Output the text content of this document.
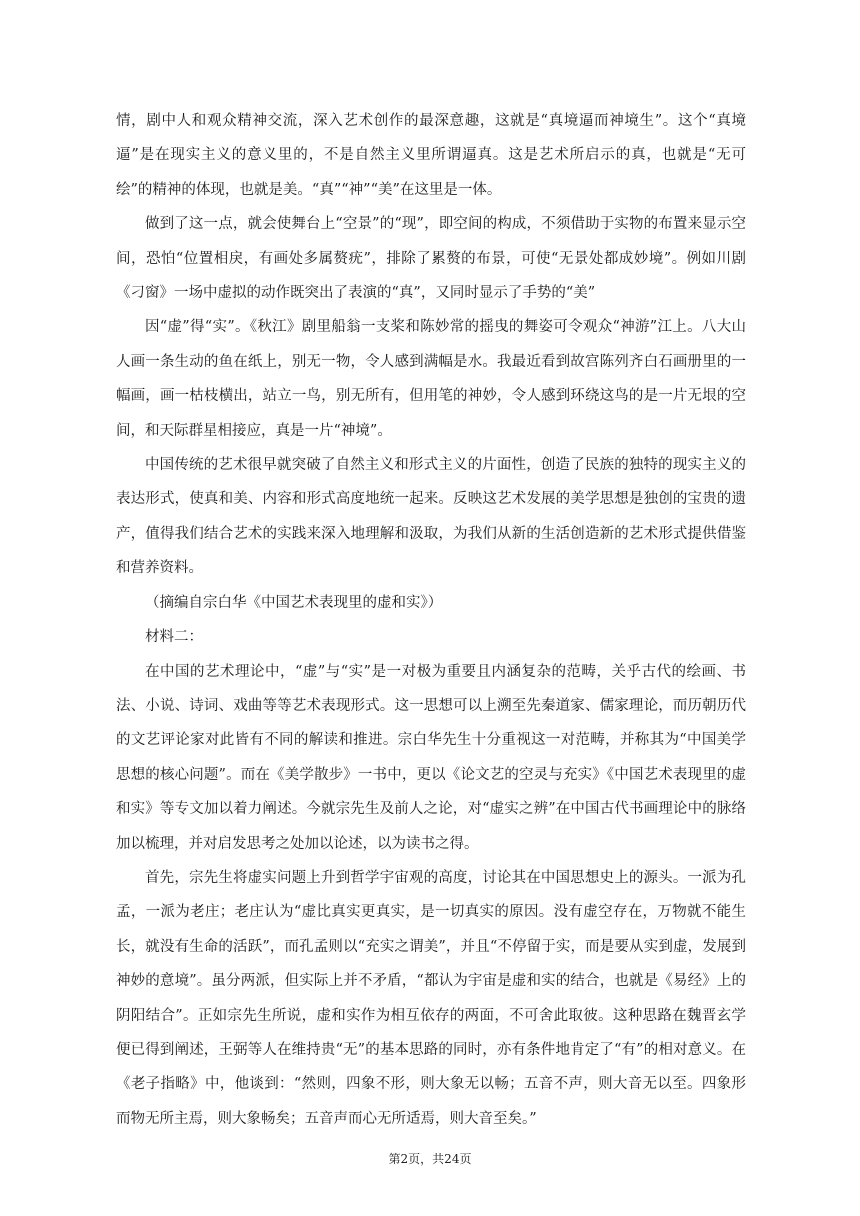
情，剧中人和观众精神交流，深入艺术创作的最深意趣，这就是“真境逼而神境生”。这个“真境逼”是在现实主义的意义里的，不是自然主义里所谓逼真。这是艺术所启示的真，也就是“无可绘”的精神的体现，也就是美。“真”“神”“美”在这里是一体。

做到了这一点，就会使舞台上“空景”的“现”，即空间的构成，不须借助于实物的布置来显示空间，恐怕“位置相戾，有画处多属赘疣”，排除了累赘的布景，可使“无景处都成妙境”。例如川剧《刁窗》一场中虚拟的动作既突出了表演的“真”，又同时显示了手势的“美”

因“虚”得“实”。《秋江》剧里船翁一支桨和陈妙常的摇曳的舞姿可令观众“神游”江上。八大山人画一条生动的鱼在纸上，别无一物，令人感到满幅是水。我最近看到故宫陈列齐白石画册里的一幅画，画一枯枝横出，站立一鸟，别无所有，但用笔的神妙，令人感到环绕这鸟的是一片无垠的空间，和天际群星相接应，真是一片“神境”。

中国传统的艺术很早就突破了自然主义和形式主义的片面性，创造了民族的独特的现实主义的表达形式，使真和美、内容和形式高度地统一起来。反映这艺术发展的美学思想是独创的宝贵的遗产，值得我们结合艺术的实践来深入地理解和汲取，为我们从新的生活创造新的艺术形式提供借鉴和营养资料。

（摘编自宗白华《中国艺术表现里的虚和实》）

材料二：

在中国的艺术理论中，“虚”与“实”是一对极为重要且内涵复杂的范畴，关乎古代的绘画、书法、小说、诗词、戏曲等等艺术表现形式。这一思想可以上溯至先秦道家、儒家理论，而历朝历代的文艺评论家对此皆有不同的解读和推进。宗白华先生十分重视这一对范畴，并称其为“中国美学思想的核心问题”。而在《美学散步》一书中，更以《论文艺的空灵与充实》《中国艺术表现里的虚和实》等专文加以着力阐述。今就宗先生及前人之论，对“虚实之辨”在中国古代书画理论中的脉络加以梳理，并对启发思考之处加以论述，以为读书之得。

首先，宗先生将虚实问题上升到哲学宇宙观的高度，讨论其在中国思想史上的源头。一派为孔孟，一派为老庄；老庄认为“虚比真实更真实，是一切真实的原因。没有虚空存在，万物就不能生长，就没有生命的活跃”，而孔孟则以“充实之谓美”，并且“不停留于实，而是要从实到虚，发展到神妙的意境”。虽分两派，但实际上并不矛盾，“都认为宇宙是虚和实的结合，也就是《易经》上的阴阳结合”。正如宗先生所说，虚和实作为相互依存的两面，不可舍此取彼。这种思路在魏晋玄学便已得到阐述，王弼等人在维持贵“无”的基本思路的同时，亦有条件地肯定了“有”的相对意义。在《老子指略》中，他谈到：“然则，四象不形，则大象无以畅；五音不声，则大音无以至。四象形而物无所主焉，则大象畅矣；五音声而心无所适焉，则大音至矣。”

第2页，共24页
